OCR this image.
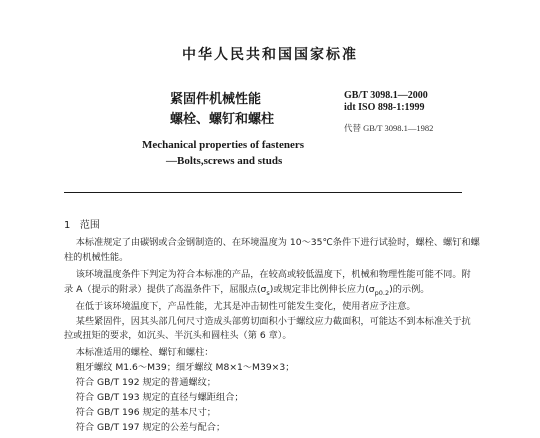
中华人民共和国国家标准
紧固件机械性能
螺栓、螺钉和螺柱
GB/T 3098.1—2000
idt ISO 898-1:1999
代替 GB/T 3098.1—1982
Mechanical properties of fasteners
—Bolts,screws and studs
1 范围
本标准规定了由碳钢或合金钢制造的、在环境温度为 10～35℃条件下进行试验时，螺栓、螺钉和螺
柱的机械性能。
该环境温度条件下判定为符合本标准的产品，在较高或较低温度下，机械和物理性能可能不同。附
录 A（提示的附录）提供了高温条件下，屈服点$(\sigma_s)$或规定非比例伸长应力$(\sigma_{p0.2})$的示例。
在低于该环境温度下，产品性能，尤其是冲击韧性可能发生变化，使用者应予注意。
某些紧固件，因其头部几何尺寸造成头部剪切面积小于螺纹应力截面积，可能达不到本标准关于抗
拉或扭矩的要求，如沉头、半沉头和圆柱头（第 6 章）。
本标准适用的螺栓、螺钉和螺柱：
粗牙螺纹 M1.6～M39；细牙螺纹 M8×1～M39×3；
符合 GB/T 192 规定的普通螺纹；
符合 GB/T 193 规定的直径与螺距组合；
符合 GB/T 196 规定的基本尺寸；
符合 GB/T 197 规定的公差与配合；
